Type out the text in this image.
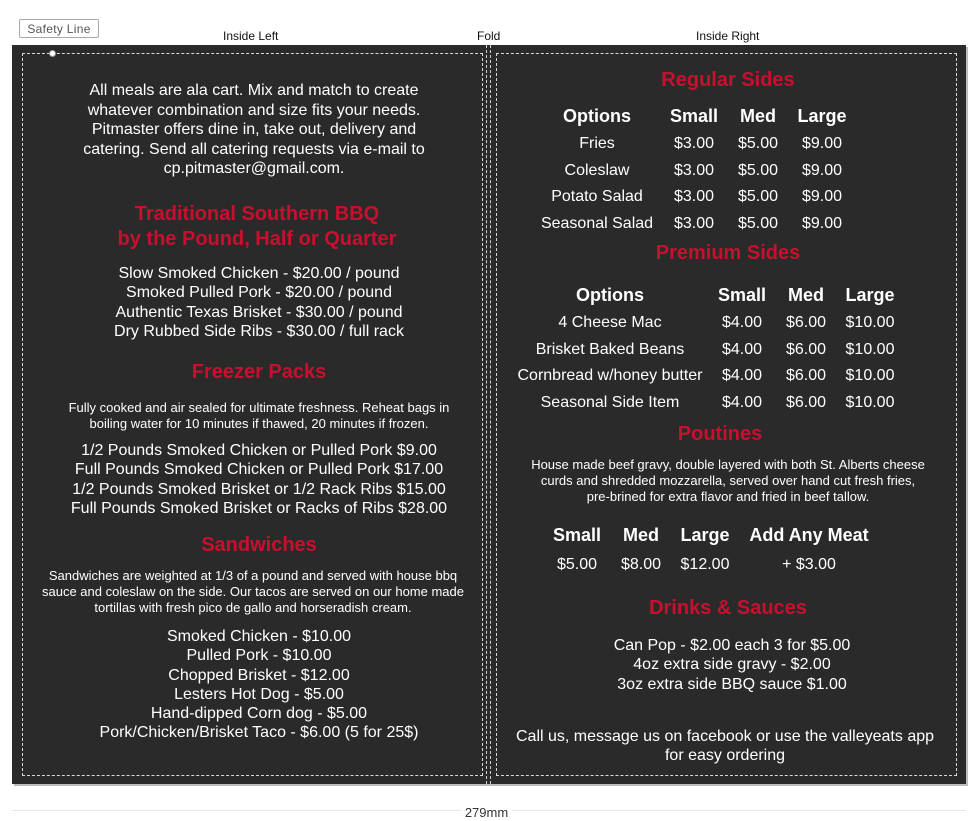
Safety Line	Inside Left	Fold	Inside Right
All meals are ala cart. Mix and match to create whatever combination and size fits your needs. Pitmaster offers dine in, take out, delivery and catering. Send all catering requests via e-mail to cp.pitmaster@gmail.com.
Traditional Southern BBQ
by the Pound, Half or Quarter
Slow Smoked Chicken - $20.00 / pound
Smoked Pulled Pork - $20.00 / pound
Authentic Texas Brisket - $30.00 / pound
Dry Rubbed Side Ribs - $30.00 / full rack
Freezer Packs
Fully cooked and air sealed for ultimate freshness. Reheat bags in boiling water for 10 minutes if thawed, 20 minutes if frozen.
1/2 Pounds Smoked Chicken or Pulled Pork $9.00
Full Pounds Smoked Chicken or Pulled Pork $17.00
1/2 Pounds Smoked Brisket or 1/2 Rack Ribs $15.00
Full Pounds Smoked Brisket or Racks of Ribs $28.00
Sandwiches
Sandwiches are weighted at 1/3 of a pound and served with house bbq sauce and coleslaw on the side. Our tacos are served on our home made tortillas with fresh pico de gallo and horseradish cream.
Smoked Chicken - $10.00
Pulled Pork - $10.00
Chopped Brisket - $12.00
Lesters Hot Dog - $5.00
Hand-dipped Corn dog - $5.00
Pork/Chicken/Brisket Taco - $6.00 (5 for 25$)
Regular Sides
Options	Small	Med	Large
Fries	$3.00	$5.00	$9.00
Coleslaw	$3.00	$5.00	$9.00
Potato Salad	$3.00	$5.00	$9.00
Seasonal Salad	$3.00	$5.00	$9.00
Premium Sides
Options	Small	Med	Large
4 Cheese Mac	$4.00	$6.00	$10.00
Brisket Baked Beans	$4.00	$6.00	$10.00
Cornbread w/honey butter	$4.00	$6.00	$10.00
Seasonal Side Item	$4.00	$6.00	$10.00
Poutines
House made beef gravy, double layered with both St. Alberts cheese curds and shredded mozzarella, served over hand cut fresh fries, pre-brined for extra flavor and fried in beef tallow.
Small	Med	Large	Add Any Meat
$5.00	$8.00	$12.00	+ $3.00
Drinks & Sauces
Can Pop - $2.00 each 3 for $5.00
4oz extra side gravy - $2.00
3oz extra side BBQ sauce $1.00
Call us, message us on facebook or use the valleyeats app for easy ordering
279mm
